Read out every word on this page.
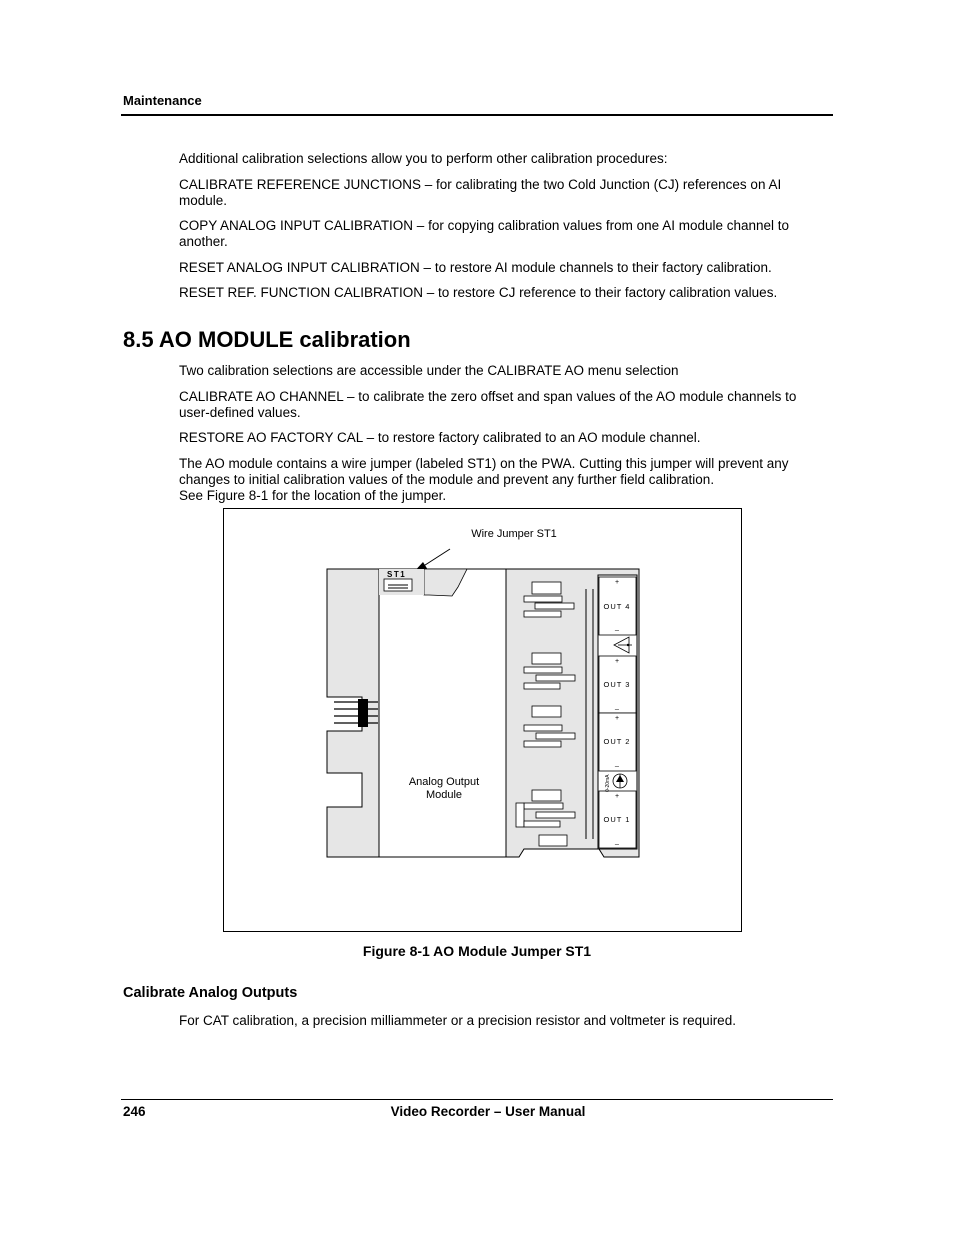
Maintenance
Additional calibration selections allow you to perform other calibration procedures:
CALIBRATE REFERENCE JUNCTIONS – for calibrating the two Cold Junction (CJ) references on AI module.
COPY ANALOG INPUT CALIBRATION – for copying calibration values from one AI module channel to another.
RESET ANALOG INPUT CALIBRATION – to restore AI module channels to their factory calibration.
RESET REF. FUNCTION CALIBRATION – to restore CJ reference to their factory calibration values.
8.5 AO MODULE calibration
Two calibration selections are accessible under the CALIBRATE AO menu selection
CALIBRATE AO CHANNEL – to calibrate the zero offset and span values of the AO module channels to user-defined values.
RESTORE AO FACTORY CAL – to restore factory calibrated to an AO module channel.
The AO module contains a wire jumper (labeled ST1) on the PWA. Cutting this jumper will prevent any changes to initial calibration values of the module and prevent any further field calibration.
See Figure 8-1 for the location of the jumper.
Wire Jumper ST1
ST1
Analog Output
Module
+
OUT 4
_
+
OUT 3
_
+
OUT 2
_
0-20mA
+
OUT 1
_
Figure 8-1 AO Module Jumper ST1
Calibrate Analog Outputs
For CAT calibration, a precision milliammeter or a precision resistor and voltmeter is required.
246	Video Recorder – User Manual
